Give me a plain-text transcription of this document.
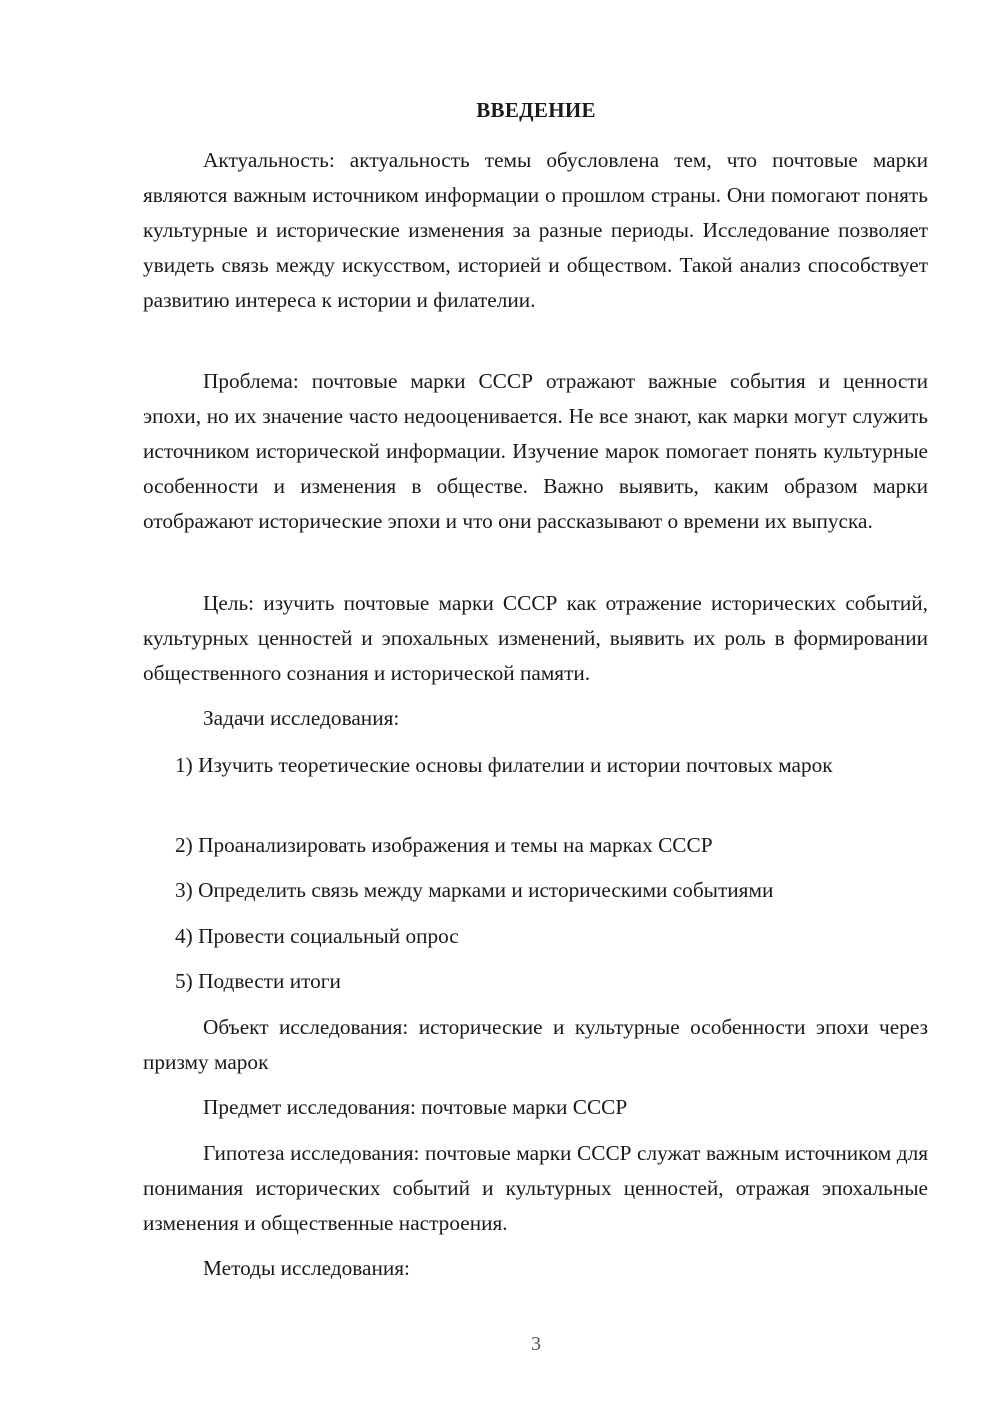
ВВЕДЕНИЕ

Актуальность: актуальность темы обусловлена тем, что почтовые марки являются важным источником информации о прошлом страны. Они помогают понять культурные и исторические изменения за разные периоды. Исследование позволяет увидеть связь между искусством, историей и обществом. Такой анализ способствует развитию интереса к истории и филателии.

Проблема: почтовые марки СССР отражают важные события и ценности эпохи, но их значение часто недооценивается. Не все знают, как марки могут служить источником исторической информации. Изучение марок помогает понять культурные особенности и изменения в обществе. Важно выявить, каким образом марки отображают исторические эпохи и что они рассказывают о времени их выпуска.

Цель: изучить почтовые марки СССР как отражение исторических событий, культурных ценностей и эпохальных изменений, выявить их роль в формировании общественного сознания и исторической памяти.

Задачи исследования:

1) Изучить теоретические основы филателии и истории почтовых марок

2) Проанализировать изображения и темы на марках СССР

3) Определить связь между марками и историческими событиями

4) Провести социальный опрос

5) Подвести итоги

Объект исследования: исторические и культурные особенности эпохи через призму марок

Предмет исследования: почтовые марки СССР

Гипотеза исследования: почтовые марки СССР служат важным источником для понимания исторических событий и культурных ценностей, отражая эпохальные изменения и общественные настроения.

Методы исследования:

3
